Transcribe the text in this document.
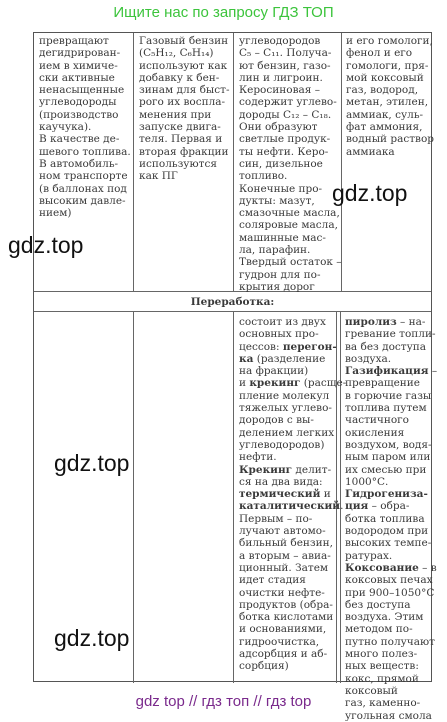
Ищите нас по запросу ГДЗ ТОП
превращают
дегидрирован-
ием в химиче-
ски активные
ненасыщенные
углеводороды
(производство
каучука).
В качестве де-
шевого топлива.
В автомобиль-
ном транспорте
(в баллонах под
высоким давле-
нием)
Газовый бензин
(C₅H₁₂, C₆H₁₄)
используют как
добавку к бен-
зинам для быст-
рого их воспла-
менения при
запуске двига-
теля. Первая и
вторая фракции
используются
как ПГ
углеводородов
C₅ – C₁₁. Получа-
ют бензин, газо-
лин и лигроин.
Керосиновая –
содержит углево-
дороды C₁₂ – C₁₈.
Они образуют
светлые продук-
ты нефти. Керо-
син, дизельное
топливо.
Конечные про-
дукты: мазут,
смазочные масла,
соляровые масла,
машинные мас-
ла, парафин.
Твердый остаток –
гудрон для по-
крытия дорог
и его гомологи,
фенол и его
гомологи, пря-
мой коксовый
газ, водород,
метан, этилен,
аммиак, суль-
фат аммония,
водный раствор
аммиака
Переработка:
состоит из двух
основных про-
цессов: перегон-
ка (разделение
на фракции)
и крекинг (расще-
пление молекул
тяжелых углево-
дородов с вы-
делением легких
углеводородов)
нефти.
Крекинг делит-
ся на два вида:
термический и
каталитический.
Первым – по-
лучают автомо-
бильный бензин,
а вторым – авиа-
ционный. Затем
идет стадия
очистки нефте-
продуктов (обра-
ботка кислотами
и основаниями,
гидроочистка,
адсорбция и аб-
сорбция)
пиролиз – на-
гревание топли-
ва без доступа
воздуха.
Газификация –
превращение
в горючие газы
топлива путем
частичного
окисления
воздухом, водя-
ным паром или
их смесью при
1000°С.
Гидрогениза-
ция – обра-
ботка топлива
водородом при
высоких темпе-
ратурах.
Коксование – в
коксовых печах
при 900–1050°С
без доступа
воздуха. Этим
методом по-
путно получают
много полез-
ных веществ:
кокс, прямой
коксовый
газ, каменно-
угольная смола
gdz.top
gdz.top
gdz.top
gdz.top
gdz top // гдз топ // гдз top
